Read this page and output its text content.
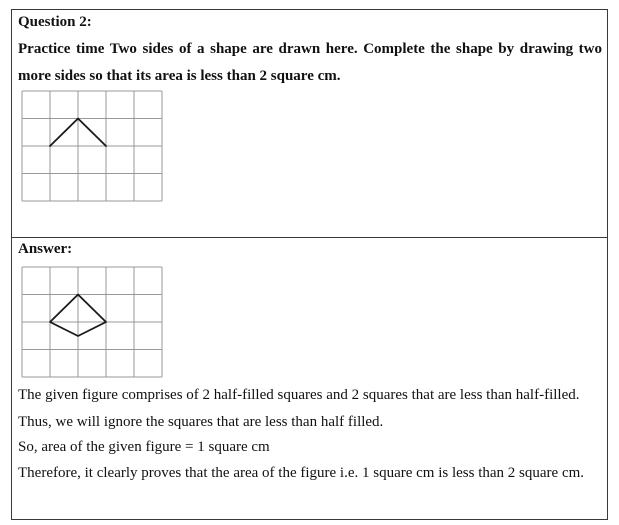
Question 2:

Practice time Two sides of a shape are drawn here. Complete the shape by drawing two more sides so that its area is less than 2 square cm.

Answer:

The given figure comprises of 2 half-filled squares and 2 squares that are less than half-filled.

Thus, we will ignore the squares that are less than half filled.

So, area of the given figure = 1 square cm

Therefore, it clearly proves that the area of the figure i.e. 1 square cm is less than 2 square cm.
